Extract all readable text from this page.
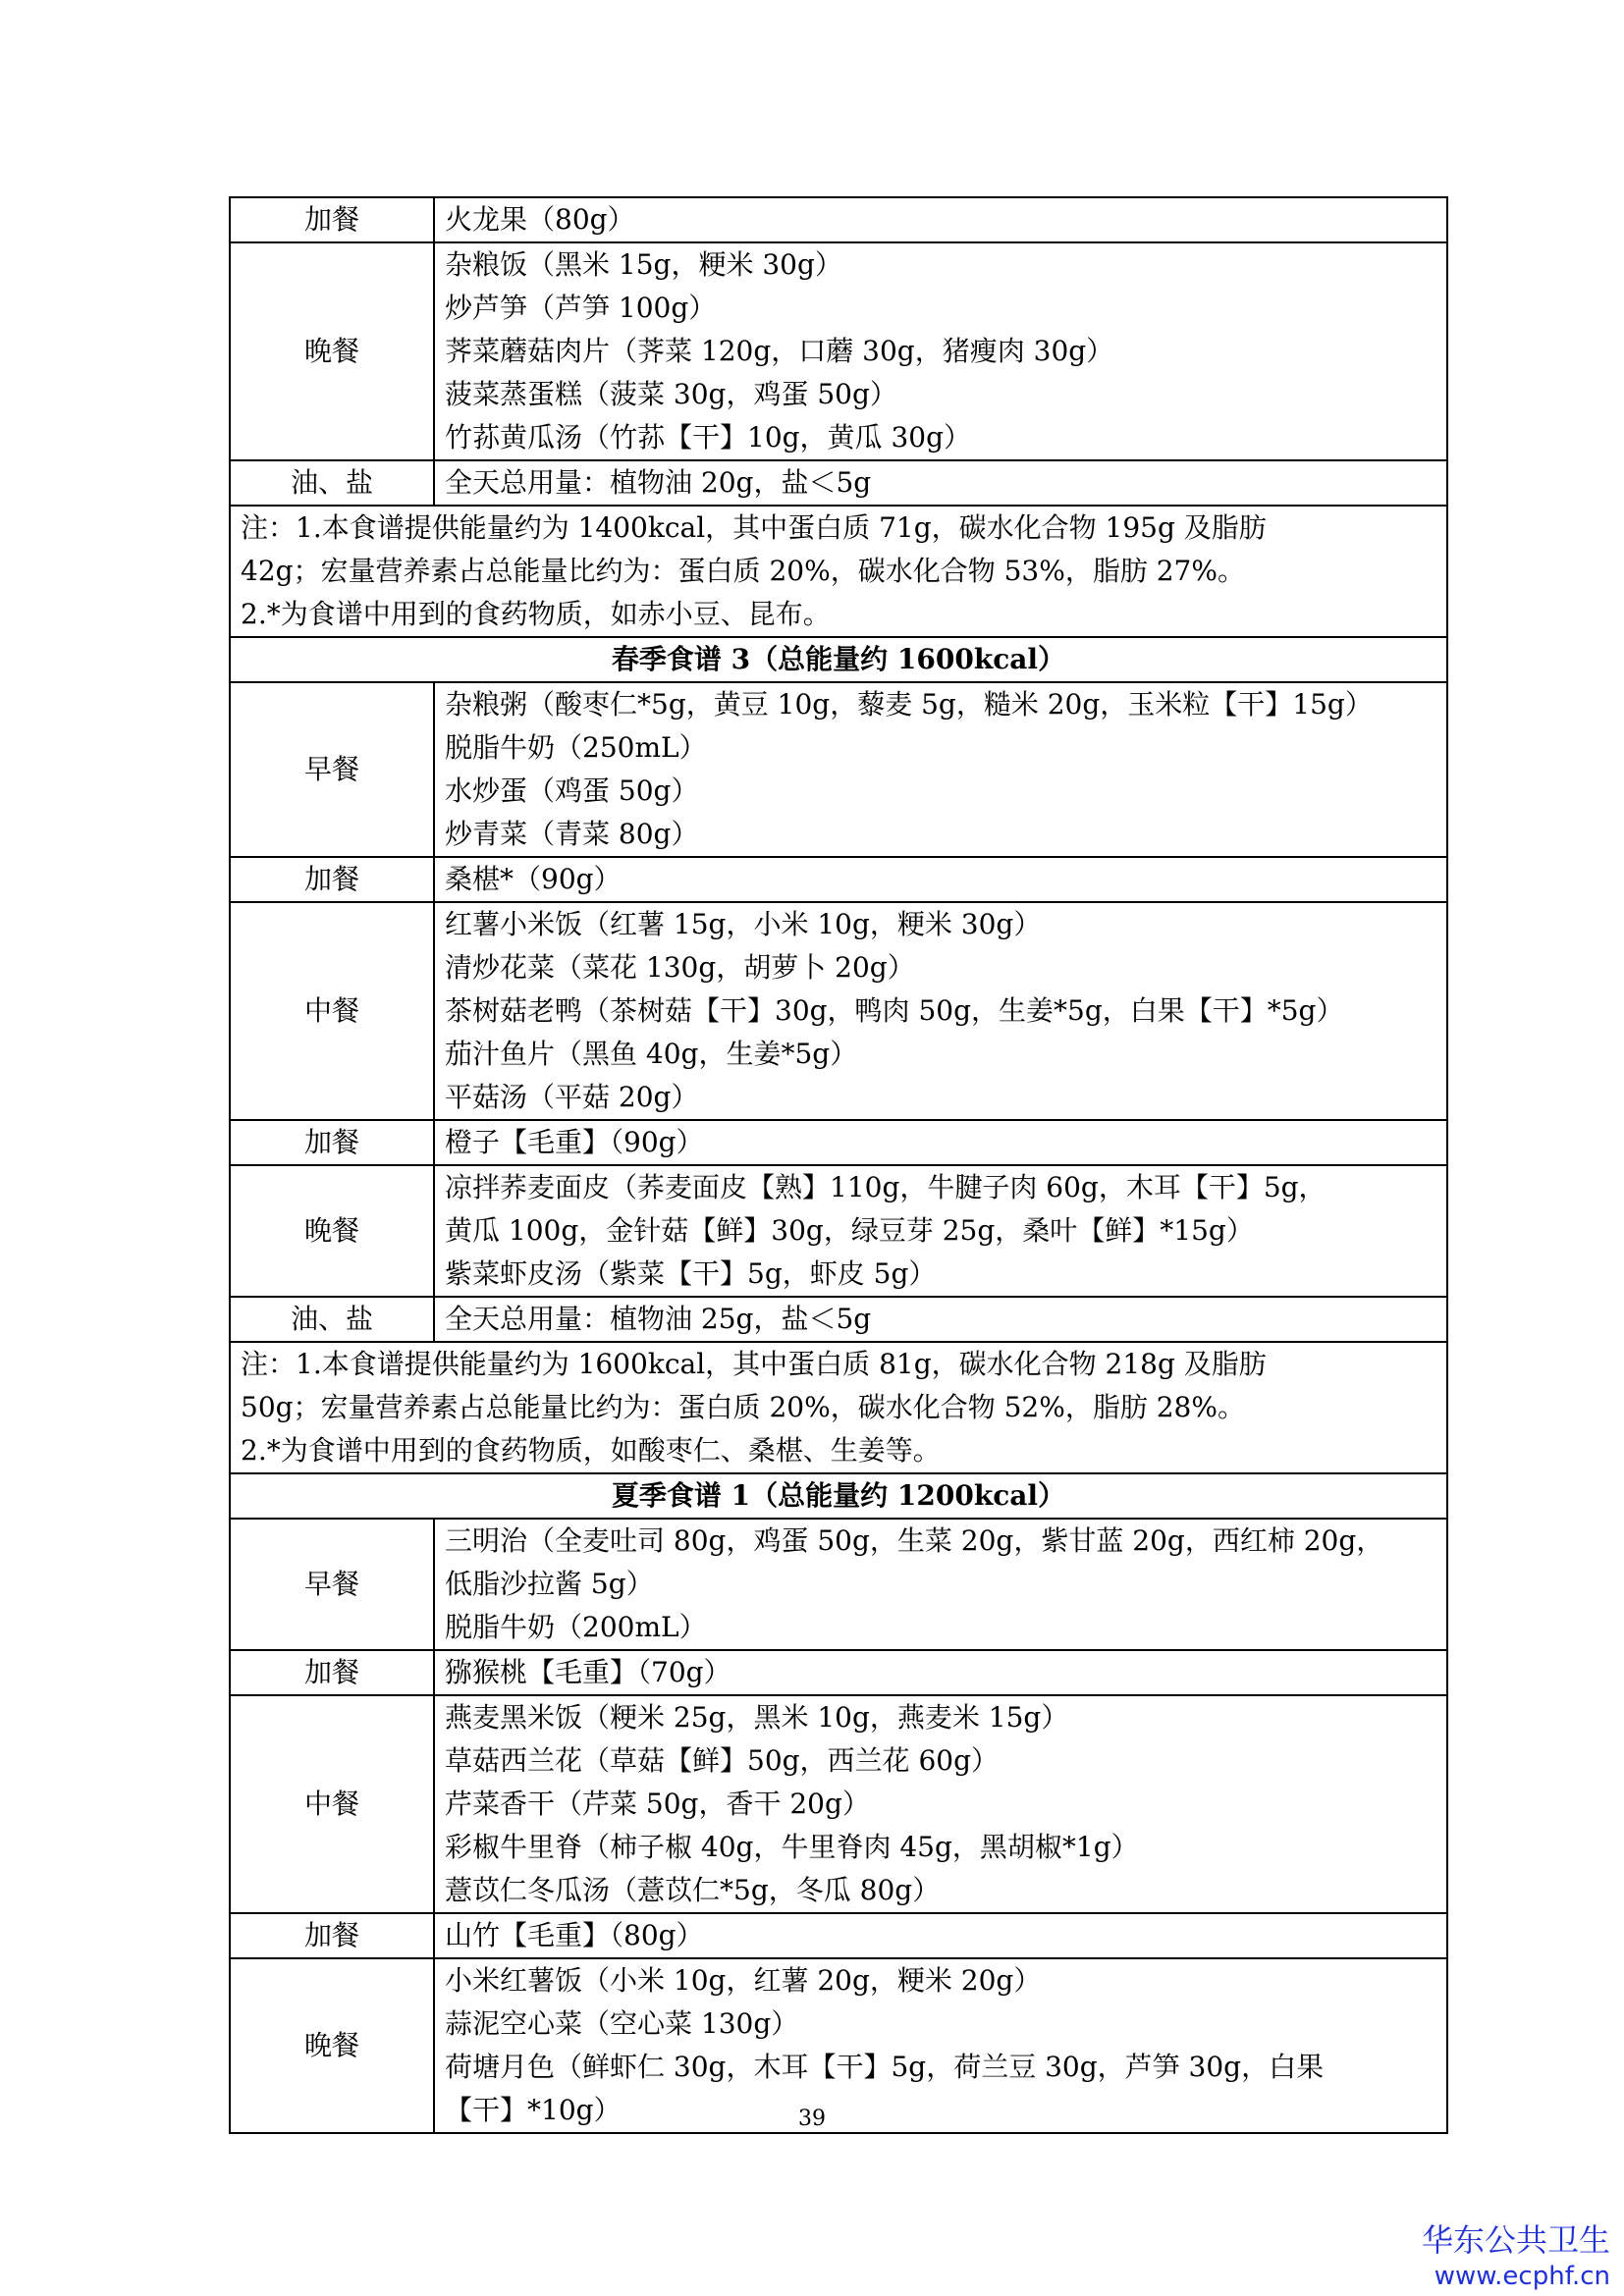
加餐	火龙果（80g）

晚餐	杂粮饭（黑米 15g，粳米 30g）
炒芦笋（芦笋 100g）
荠菜蘑菇肉片（荠菜 120g，口蘑 30g，猪瘦肉 30g）
菠菜蒸蛋糕（菠菜 30g，鸡蛋 50g）
竹荪黄瓜汤（竹荪【干】10g，黄瓜 30g）

油、盐	全天总用量：植物油 20g，盐＜5g

注：1.本食谱提供能量约为 1400kcal，其中蛋白质 71g，碳水化合物 195g 及脂肪
42g；宏量营养素占总能量比约为：蛋白质 20%，碳水化合物 53%，脂肪 27%。
2.*为食谱中用到的食药物质，如赤小豆、昆布。	

春季食谱 3（总能量约 1600kcal）	
早餐	杂粮粥（酸枣仁*5g，黄豆 10g，藜麦 5g，糙米 20g，玉米粒【干】15g）
脱脂牛奶（250mL）
水炒蛋（鸡蛋 50g）
炒青菜（青菜 80g）

加餐	桑椹*（90g）

中餐	红薯小米饭（红薯 15g，小米 10g，粳米 30g）
清炒花菜（菜花 130g，胡萝卜 20g）
茶树菇老鸭（茶树菇【干】30g，鸭肉 50g，生姜*5g，白果【干】*5g）
茄汁鱼片（黑鱼 40g，生姜*5g）
平菇汤（平菇 20g）

加餐	橙子【毛重】（90g）

晚餐	凉拌荞麦面皮（荞麦面皮【熟】110g，牛腱子肉 60g，木耳【干】5g，
黄瓜 100g，金针菇【鲜】30g，绿豆芽 25g，桑叶【鲜】*15g）
紫菜虾皮汤（紫菜【干】5g，虾皮 5g）

油、盐	全天总用量：植物油 25g，盐＜5g

注：1.本食谱提供能量约为 1600kcal，其中蛋白质 81g，碳水化合物 218g 及脂肪
50g；宏量营养素占总能量比约为：蛋白质 20%，碳水化合物 52%，脂肪 28%。
2.*为食谱中用到的食药物质，如酸枣仁、桑椹、生姜等。	

夏季食谱 1（总能量约 1200kcal）	
早餐	三明治（全麦吐司 80g，鸡蛋 50g，生菜 20g，紫甘蓝 20g，西红柿 20g，
低脂沙拉酱 5g）
脱脂牛奶（200mL）

加餐	猕猴桃【毛重】（70g）

中餐	燕麦黑米饭（粳米 25g，黑米 10g，燕麦米 15g）
草菇西兰花（草菇【鲜】50g，西兰花 60g）
芹菜香干（芹菜 50g，香干 20g）
彩椒牛里脊（柿子椒 40g，牛里脊肉 45g，黑胡椒*1g）
薏苡仁冬瓜汤（薏苡仁*5g，冬瓜 80g）

加餐	山竹【毛重】（80g）

晚餐	小米红薯饭（小米 10g，红薯 20g，粳米 20g）
蒜泥空心菜（空心菜 130g）
荷塘月色（鲜虾仁 30g，木耳【干】5g，荷兰豆 30g，芦笋 30g，白果
【干】*10g）	39
华东公共卫生
www.ecphf.cn
